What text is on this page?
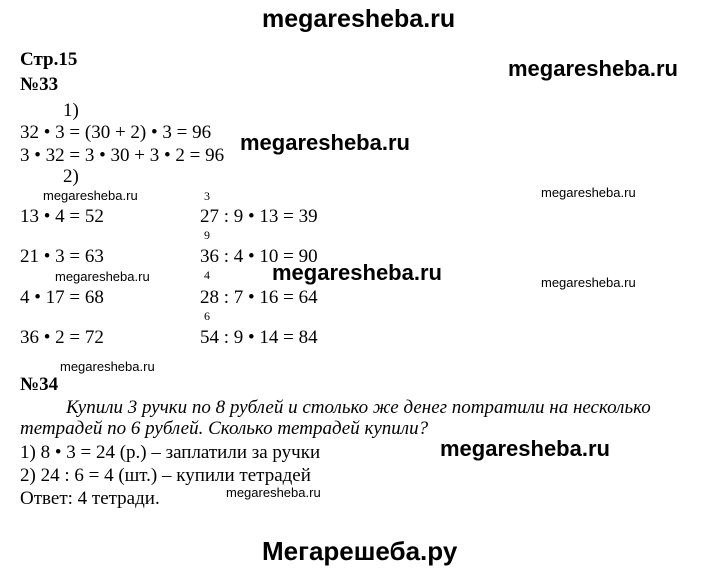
megaresheba.ru
Стр.15
№33
megaresheba.ru
1)
32 • 3 = (30 + 2) • 3 = 96
3 • 32 = 3 • 30 + 3 • 2 = 96
megaresheba.ru
2)
megaresheba.ru	megaresheba.ru
3
13 • 4 = 52	27 : 9 • 13 = 39
9
21 • 3 = 63	36 : 4 • 10 = 90
megaresheba.ru	megaresheba.ru	megaresheba.ru
4
4 • 17 = 68	28 : 7 • 16 = 64
6
36 • 2 = 72	54 : 9 • 14 = 84
megaresheba.ru
№34
Купили 3 ручки по 8 рублей и столько же денег потратили на несколько
тетрадей по 6 рублей. Сколько тетрадей купили?
megaresheba.ru
1) 8 • 3 = 24 (р.) – заплатили за ручки
2) 24 : 6 = 4 (шт.) – купили тетрадей
Ответ: 4 тетради.	megaresheba.ru
Мегарешеба.ру
